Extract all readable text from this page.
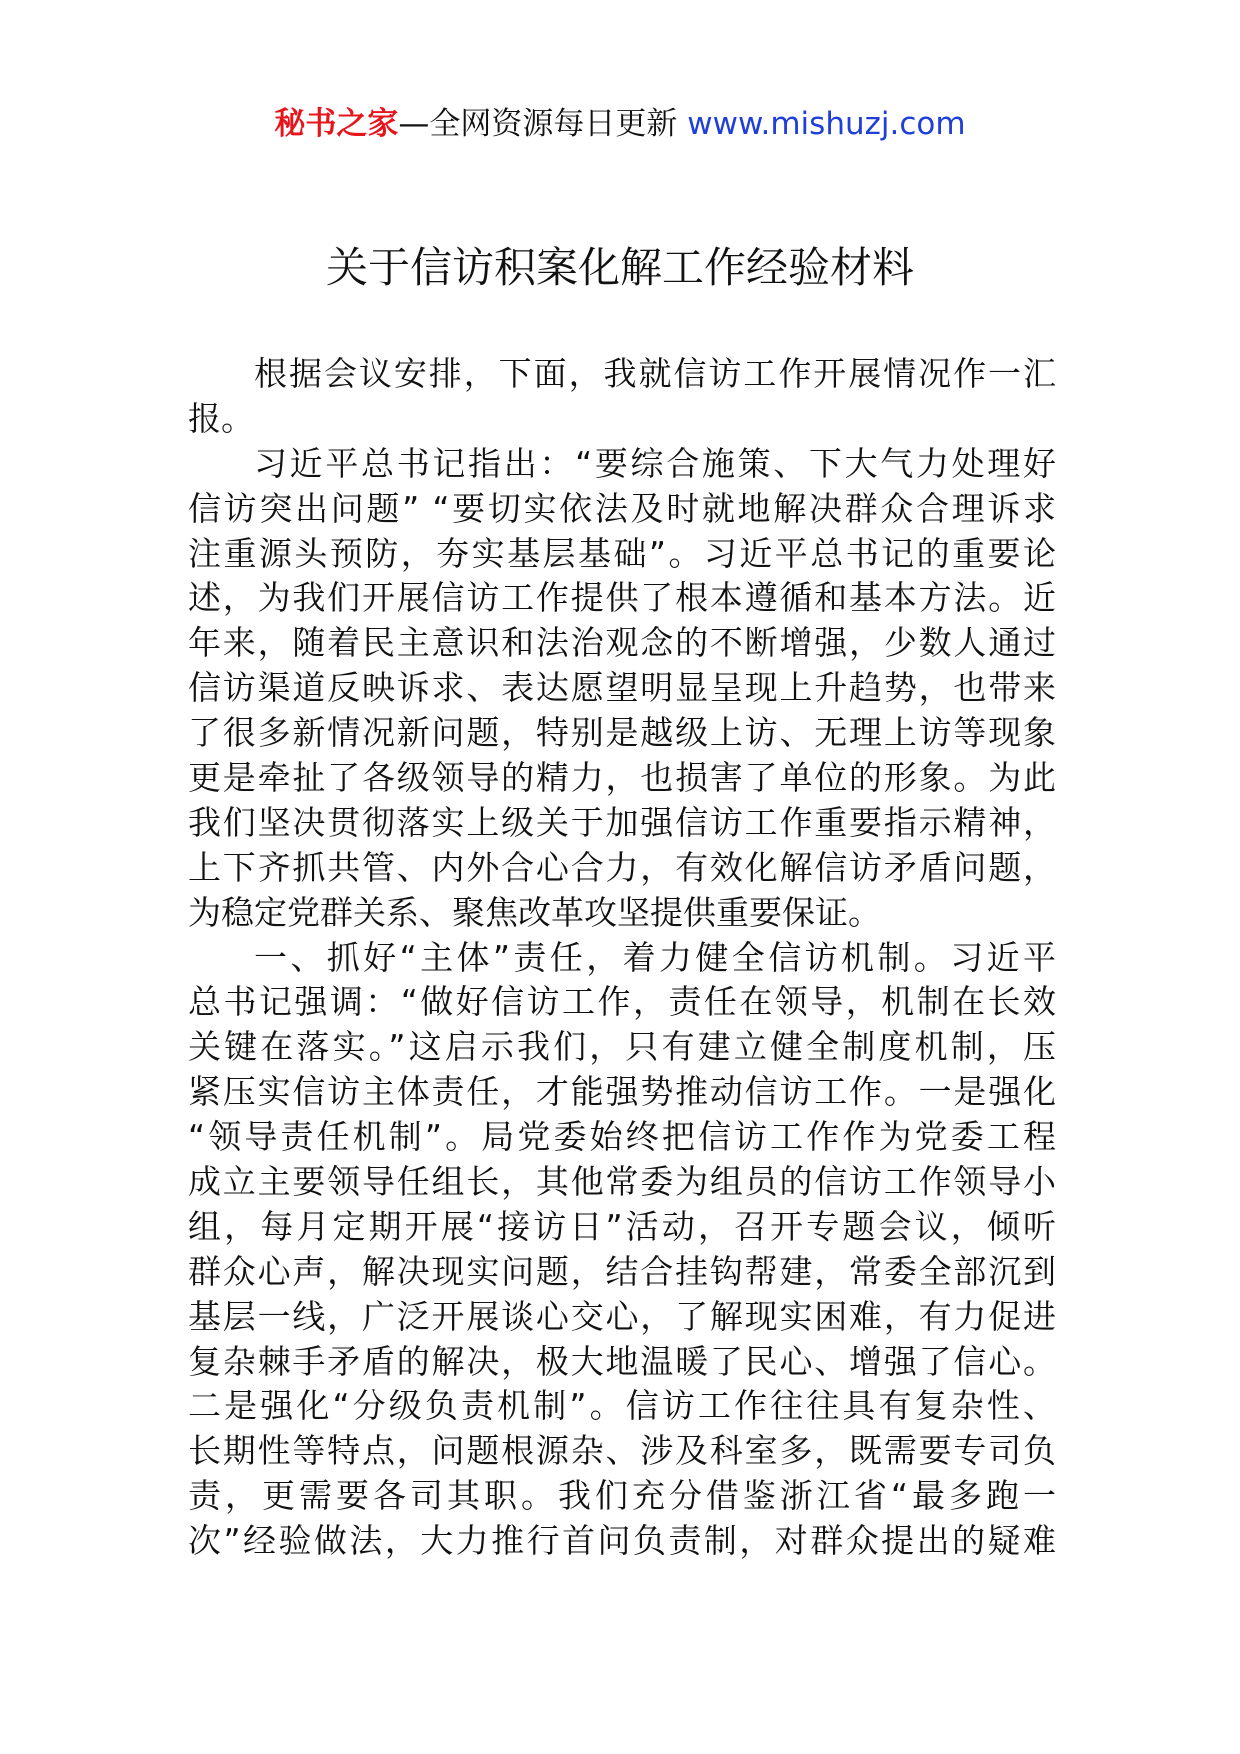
秘书之家—全网资源每日更新 www.mishuzj.com
关于信访积案化解工作经验材料
根据会议安排，下面，我就信访工作开展情况作一汇
报。
习近平总书记指出：“要综合施策、下大气力处理好
信访突出问题” “要切实依法及时就地解决群众合理诉求
注重源头预防，夯实基层基础”。习近平总书记的重要论
述，为我们开展信访工作提供了根本遵循和基本方法。近
年来，随着民主意识和法治观念的不断增强，少数人通过
信访渠道反映诉求、表达愿望明显呈现上升趋势，也带来
了很多新情况新问题，特别是越级上访、无理上访等现象
更是牵扯了各级领导的精力，也损害了单位的形象。为此
我们坚决贯彻落实上级关于加强信访工作重要指示精神，
上下齐抓共管、内外合心合力，有效化解信访矛盾问题，
为稳定党群关系、聚焦改革攻坚提供重要保证。
一、抓好“主体”责任，着力健全信访机制。习近平
总书记强调：“做好信访工作，责任在领导，机制在长效
关键在落实。”这启示我们，只有建立健全制度机制，压
紧压实信访主体责任，才能强势推动信访工作。一是强化
“领导责任机制”。局党委始终把信访工作作为党委工程
成立主要领导任组长，其他常委为组员的信访工作领导小
组，每月定期开展“接访日”活动，召开专题会议，倾听
群众心声，解决现实问题，结合挂钩帮建，常委全部沉到
基层一线，广泛开展谈心交心，了解现实困难，有力促进
复杂棘手矛盾的解决，极大地温暖了民心、增强了信心。
二是强化“分级负责机制”。信访工作往往具有复杂性、
长期性等特点，问题根源杂、涉及科室多，既需要专司负
责，更需要各司其职。我们充分借鉴浙江省“最多跑一
次”经验做法，大力推行首问负责制，对群众提出的疑难
